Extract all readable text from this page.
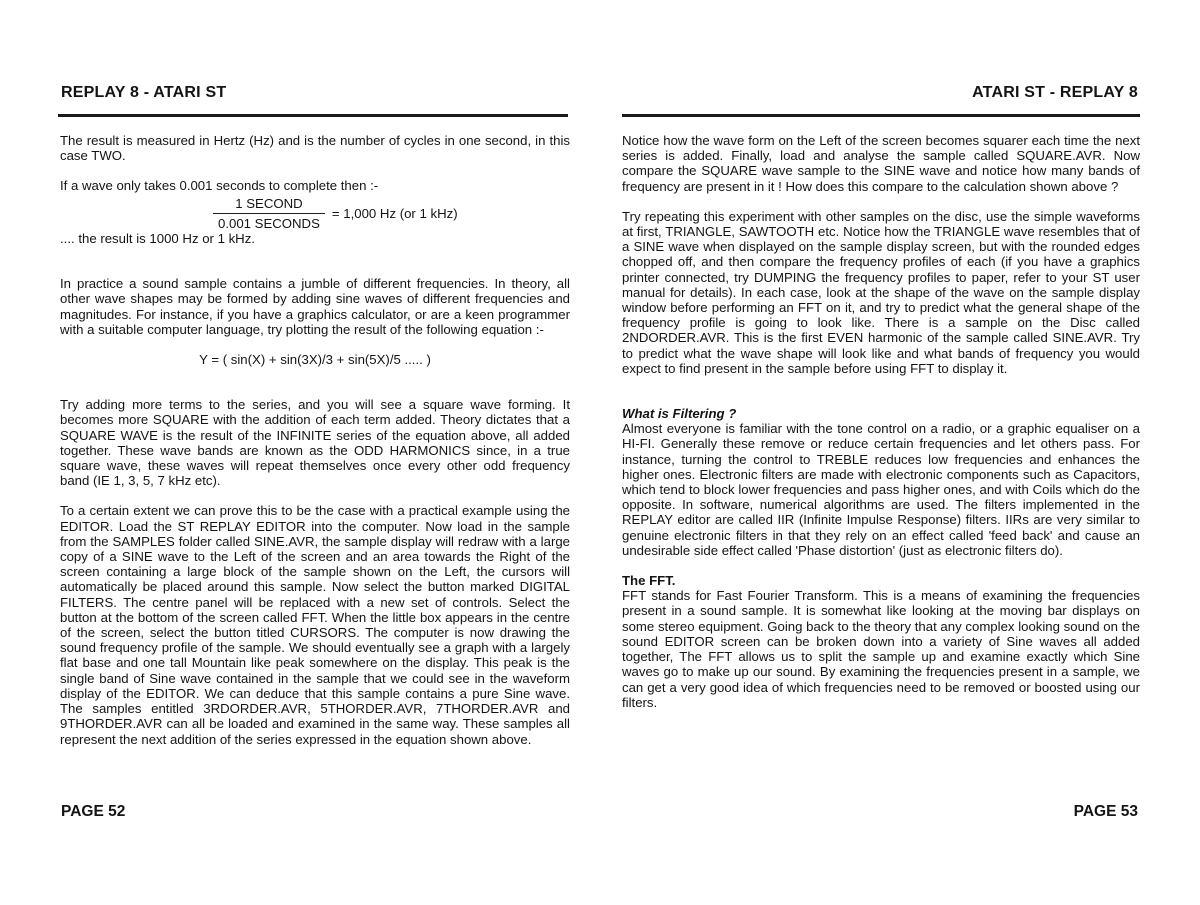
REPLAY 8 - ATARI ST

The result is measured in Hertz (Hz) and is the number of cycles in one second, in this case TWO.

If a wave only takes 0.001 seconds to complete then :-

$\frac{\text{1 SECOND}}{\text{0.001 SECONDS}} = 1,000$ Hz (or 1 kHz)

.... the result is 1000 Hz or 1 kHz.

In practice a sound sample contains a jumble of different frequencies. In theory, all other wave shapes may be formed by adding sine waves of different frequencies and magnitudes. For instance, if you have a graphics calculator, or are a keen programmer with a suitable computer language, try plotting the result of the following equation :-

Y = ( sin(X) + sin(3X)/3 + sin(5X)/5 ..... )

Try adding more terms to the series, and you will see a square wave forming. It becomes more SQUARE with the addition of each term added. Theory dictates that a SQUARE WAVE is the result of the INFINITE series of the equation above, all added together. These wave bands are known as the ODD HARMONICS since, in a true square wave, these waves will repeat themselves once every other odd frequency band (IE 1, 3, 5, 7 kHz etc).

To a certain extent we can prove this to be the case with a practical example using the EDITOR. Load the ST REPLAY EDITOR into the computer. Now load in the sample from the SAMPLES folder called SINE.AVR, the sample display will redraw with a large copy of a SINE wave to the Left of the screen and an area towards the Right of the screen containing a large block of the sample shown on the Left, the cursors will automatically be placed around this sample. Now select the button marked DIGITAL FILTERS. The centre panel will be replaced with a new set of controls. Select the button at the bottom of the screen called FFT. When the little box appears in the centre of the screen, select the button titled CURSORS. The computer is now drawing the sound frequency profile of the sample. We should eventually see a graph with a largely flat base and one tall Mountain like peak somewhere on the display. This peak is the single band of Sine wave contained in the sample that we could see in the waveform display of the EDITOR. We can deduce that this sample contains a pure Sine wave. The samples entitled 3RDORDER.AVR, 5THORDER.AVR, 7THORDER.AVR and 9THORDER.AVR can all be loaded and examined in the same way. These samples all represent the next addition of the series expressed in the equation shown above.

PAGE 52
ATARI ST - REPLAY 8

Notice how the wave form on the Left of the screen becomes squarer each time the next series is added. Finally, load and analyse the sample called SQUARE.AVR. Now compare the SQUARE wave sample to the SINE wave and notice how many bands of frequency are present in it ! How does this compare to the calculation shown above ?

Try repeating this experiment with other samples on the disc, use the simple waveforms at first, TRIANGLE, SAWTOOTH etc. Notice how the TRIANGLE wave resembles that of a SINE wave when displayed on the sample display screen, but with the rounded edges chopped off, and then compare the frequency profiles of each (if you have a graphics printer connected, try DUMPING the frequency profiles to paper, refer to your ST user manual for details). In each case, look at the shape of the wave on the sample display window before performing an FFT on it, and try to predict what the general shape of the frequency profile is going to look like. There is a sample on the Disc called 2NDORDER.AVR. This is the first EVEN harmonic of the sample called SINE.AVR. Try to predict what the wave shape will look like and what bands of frequency you would expect to find present in the sample before using FFT to display it.

What is Filtering ?

Almost everyone is familiar with the tone control on a radio, or a graphic equaliser on a HI-FI. Generally these remove or reduce certain frequencies and let others pass. For instance, turning the control to TREBLE reduces low frequencies and enhances the higher ones. Electronic filters are made with electronic components such as Capacitors, which tend to block lower frequencies and pass higher ones, and with Coils which do the opposite. In software, numerical algorithms are used. The filters implemented in the REPLAY editor are called IIR (Infinite Impulse Response) filters. IIRs are very similar to genuine electronic filters in that they rely on an effect called 'feed back' and cause an undesirable side effect called 'Phase distortion' (just as electronic filters do).

The FFT.

FFT stands for Fast Fourier Transform. This is a means of examining the frequencies present in a sound sample. It is somewhat like looking at the moving bar displays on some stereo equipment. Going back to the theory that any complex looking sound on the sound EDITOR screen can be broken down into a variety of Sine waves all added together, The FFT allows us to split the sample up and examine exactly which Sine waves go to make up our sound. By examining the frequencies present in a sample, we can get a very good idea of which frequencies need to be removed or boosted using our filters.

PAGE 53
